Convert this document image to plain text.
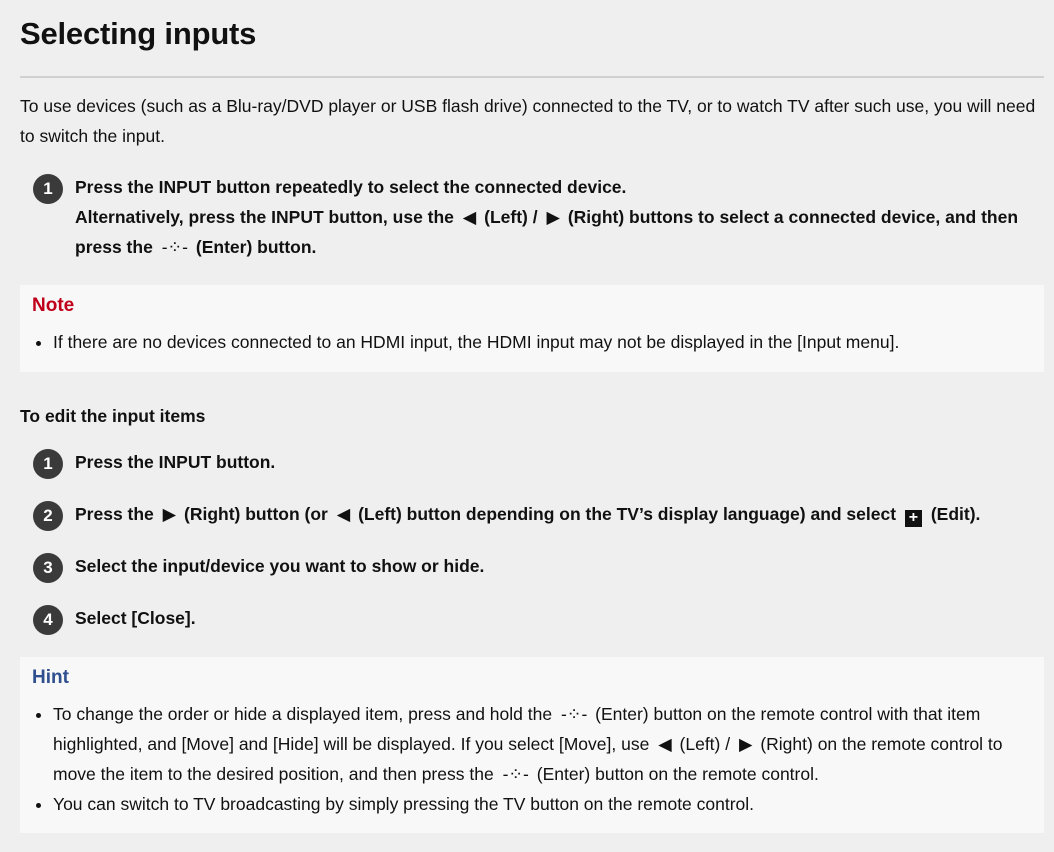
Selecting inputs

To use devices (such as a Blu-ray/DVD player or USB flash drive) connected to the TV, or to watch TV after such use, you will need to switch the input.

1	Press the INPUT button repeatedly to select the connected device.
Alternatively, press the INPUT button, use the ◀ (Left) / ▶ (Right) buttons to select a connected device, and then press the -⁘- (Enter) button.
Note
• If there are no devices connected to an HDMI input, the HDMI input may not be displayed in the [Input menu].
To edit the input items
1	Press the INPUT button.
2	Press the ▶ (Right) button (or ◀ (Left) button depending on the TV’s display language) and select + (Edit).
3	Select the input/device you want to show or hide.
4	Select [Close].
Hint
• To change the order or hide a displayed item, press and hold the -⁘- (Enter) button on the remote control with that item highlighted, and [Move] and [Hide] will be displayed. If you select [Move], use ◀ (Left) / ▶ (Right) on the remote control to move the item to the desired position, and then press the -⁘- (Enter) button on the remote control.
• You can switch to TV broadcasting by simply pressing the TV button on the remote control.
